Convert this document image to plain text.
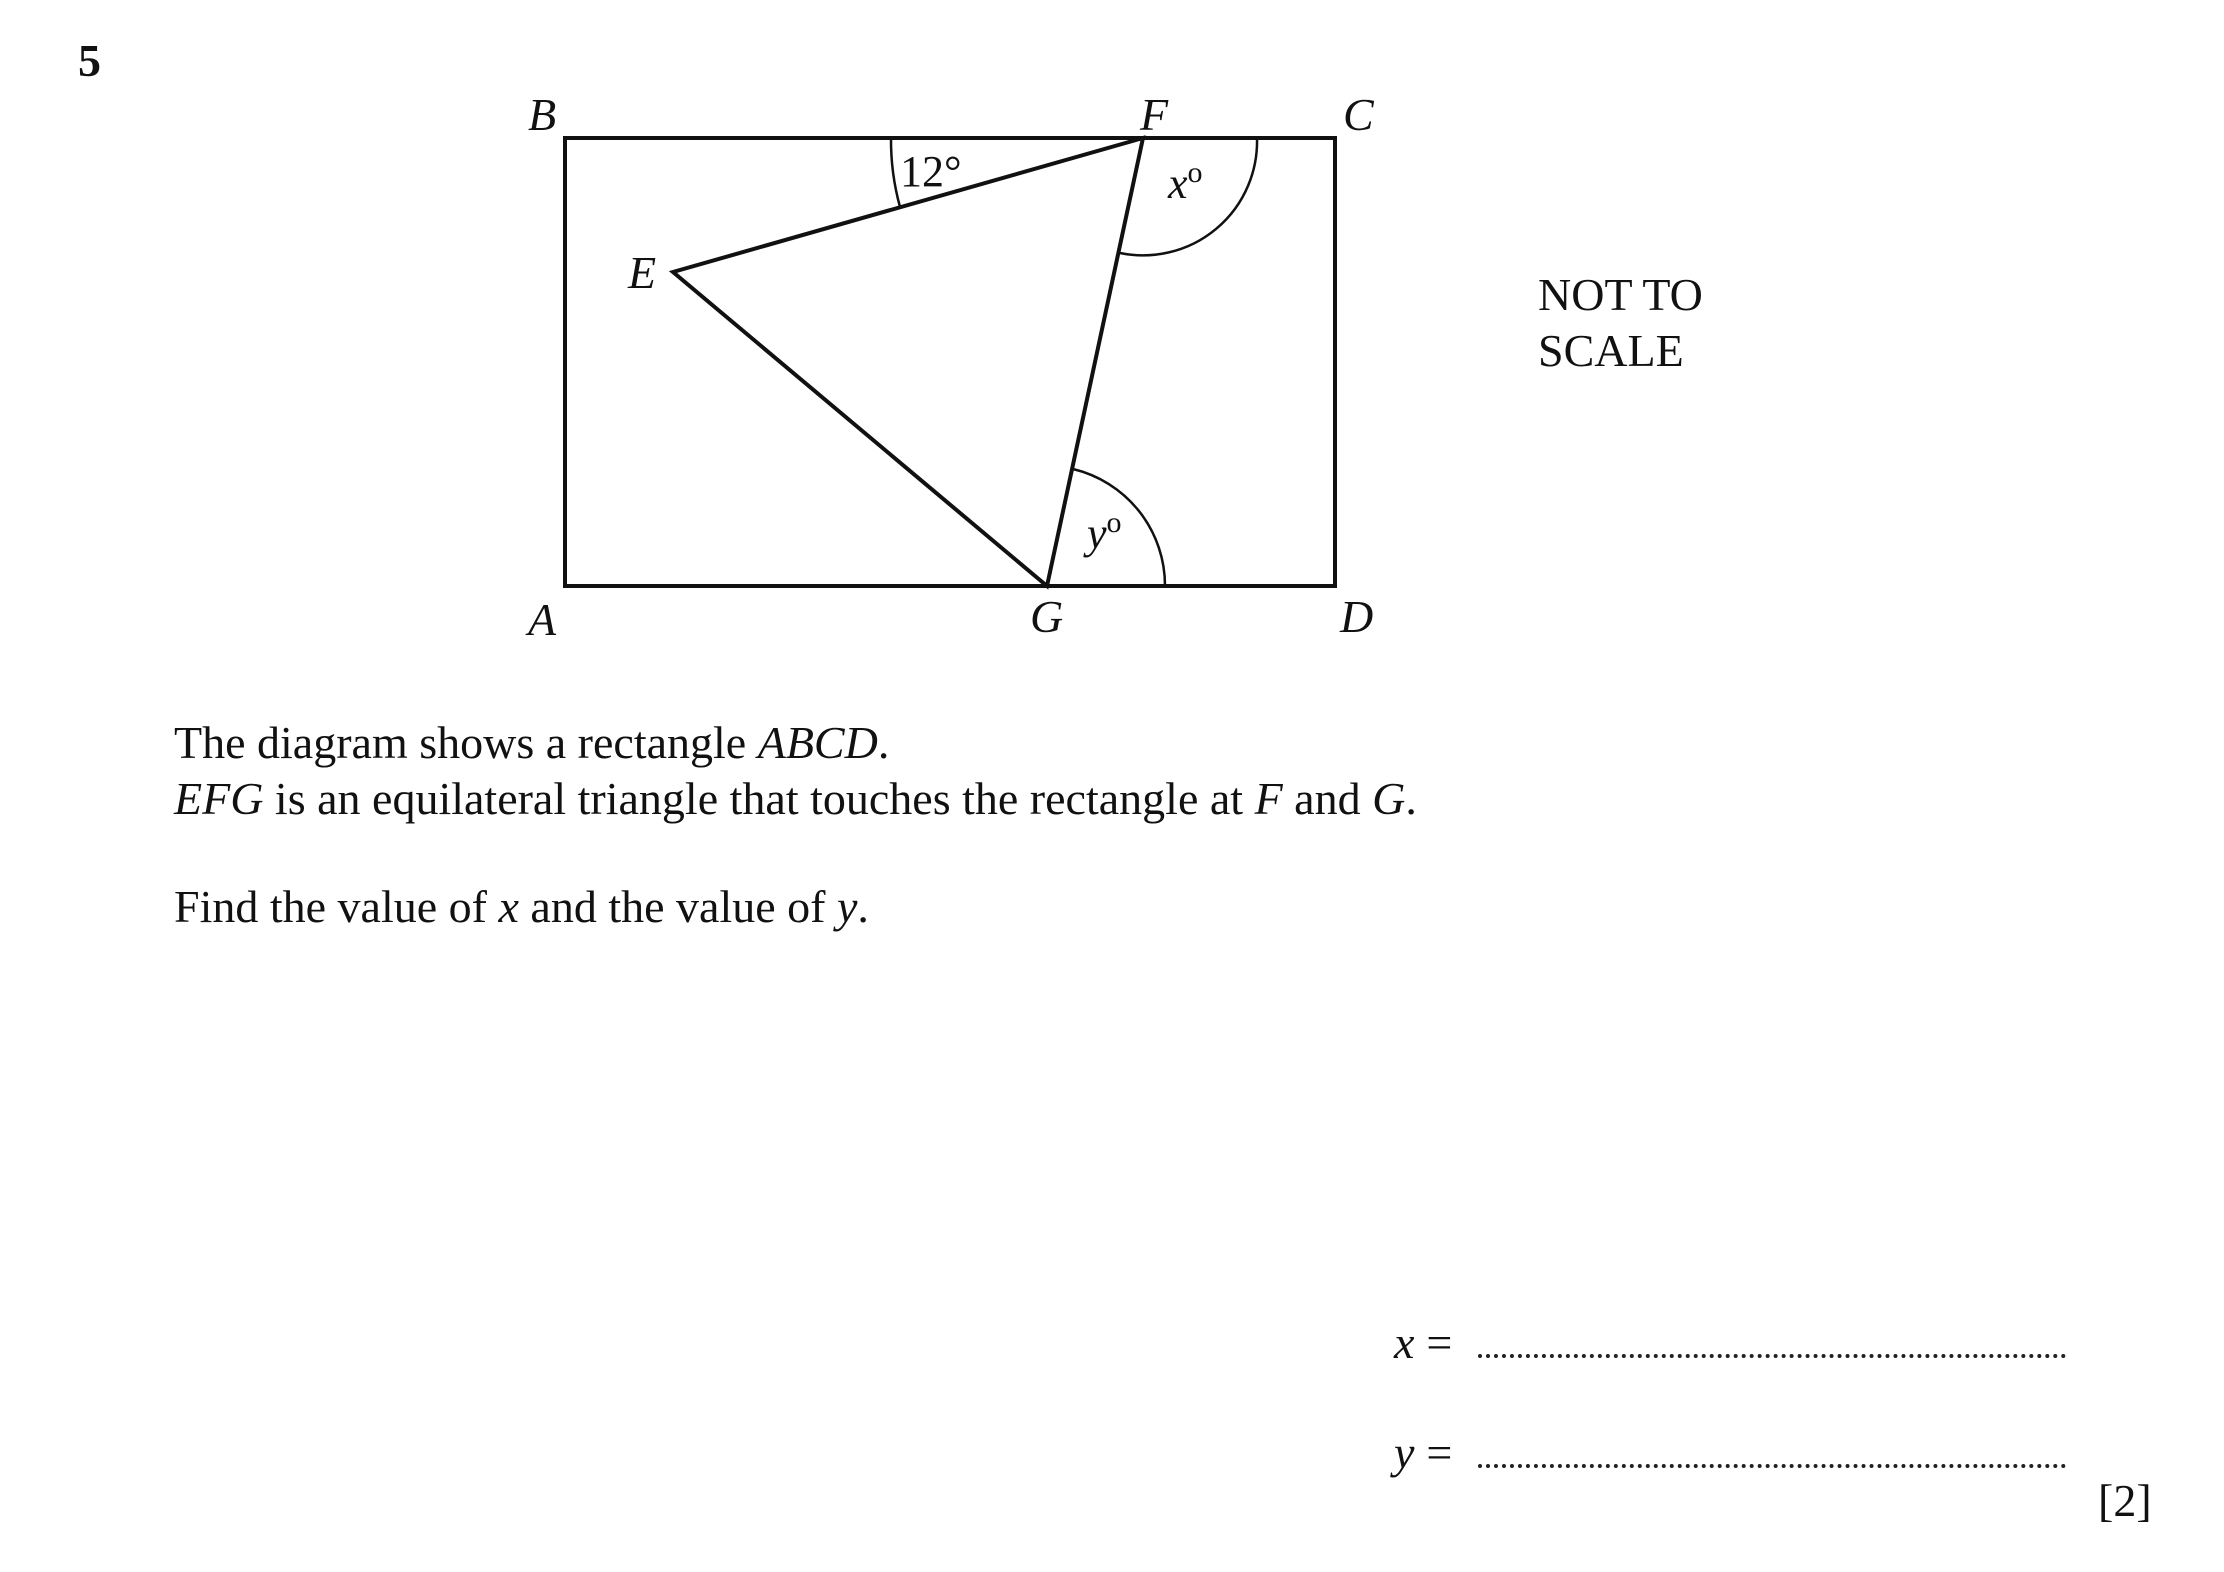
5
B	F	C
E
A	G	D
12°	$x^o$
$y^o$
NOT TO
SCALE

The diagram shows a rectangle ABCD.

EFG is an equilateral triangle that touches the rectangle at F and G.

Find the value of x and the value of y.

x =
y =
[2]
